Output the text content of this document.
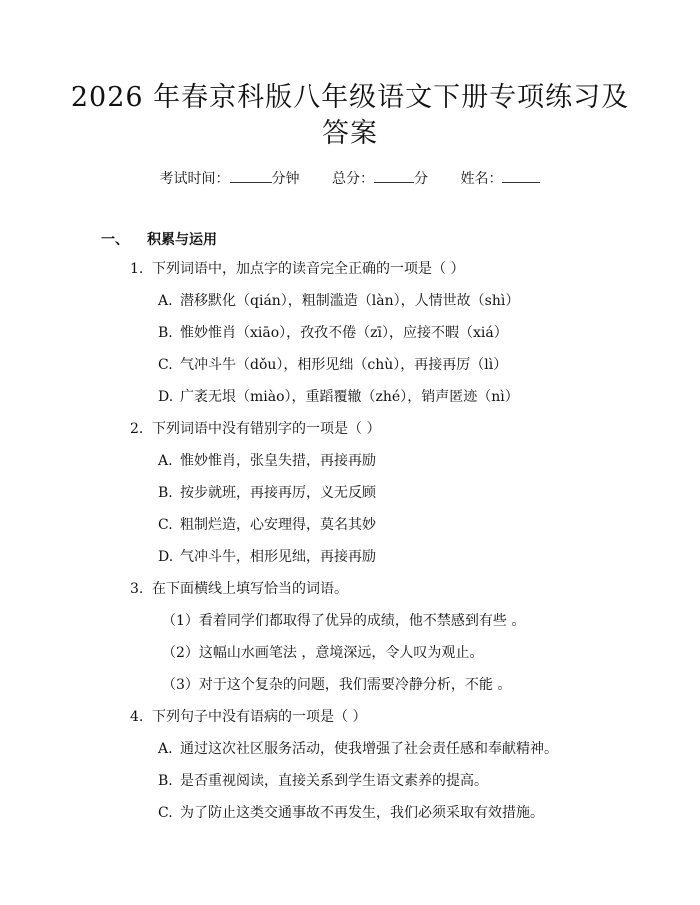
2026 年春京科版八年级语文下册专项练习及
答案
考试时间：	分钟 总分：	分 姓名：
一、 积累与运用
1. 下列词语中，加点字的读音完全正确的一项是（ ）
A. 潜移默化（qián），粗制滥造（làn），人情世故（shì）
B. 惟妙惟肖（xiāo），孜孜不倦（zī），应接不暇（xiá）
C. 气冲斗牛（dǒu），相形见绌（chù），再接再厉（lì）
D. 广袤无垠（miào），重蹈覆辙（zhé），销声匿迹（nì）
2. 下列词语中没有错别字的一项是（ ）
A. 惟妙惟肖，张皇失措，再接再励
B. 按步就班，再接再厉，义无反顾
C. 粗制烂造，心安理得，莫名其妙
D. 气冲斗牛，相形见绌，再接再励
3. 在下面横线上填写恰当的词语。
（1）看着同学们都取得了优异的成绩，他不禁感到有些 。
（2）这幅山水画笔法 ，意境深远，令人叹为观止。
（3）对于这个复杂的问题，我们需要冷静分析，不能 。
4. 下列句子中没有语病的一项是（ ）
A. 通过这次社区服务活动，使我增强了社会责任感和奉献精神。
B. 是否重视阅读，直接关系到学生语文素养的提高。
C. 为了防止这类交通事故不再发生，我们必须采取有效措施。
